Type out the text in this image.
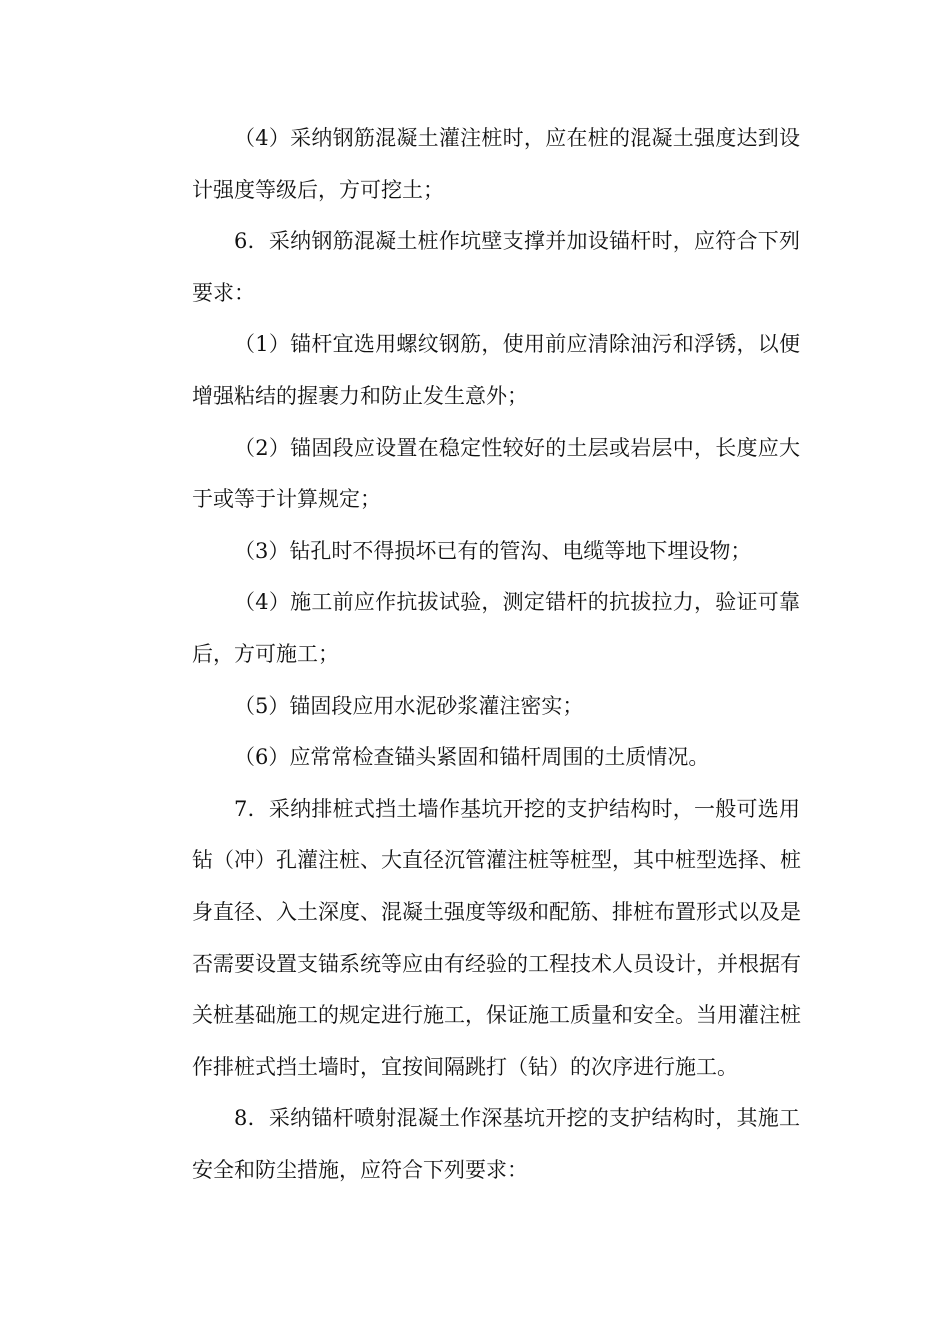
（4）采纳钢筋混凝土灌注桩时，应在桩的混凝土强度达到设
计强度等级后，方可挖土；
6．采纳钢筋混凝土桩作坑壁支撑并加设锚杆时，应符合下列
要求：
（1）锚杆宜选用螺纹钢筋，使用前应清除油污和浮锈，以便
增强粘结的握裹力和防止发生意外；
（2）锚固段应设置在稳定性较好的土层或岩层中，长度应大
于或等于计算规定；
（3）钻孔时不得损坏已有的管沟、电缆等地下埋设物；
（4）施工前应作抗拔试验，测定错杆的抗拔拉力，验证可靠
后，方可施工；
（5）锚固段应用水泥砂浆灌注密实；
（6）应常常检查锚头紧固和锚杆周围的土质情况。
7．采纳排桩式挡土墙作基坑开挖的支护结构时，一般可选用
钻（冲）孔灌注桩、大直径沉管灌注桩等桩型，其中桩型选择、桩
身直径、入土深度、混凝土强度等级和配筋、排桩布置形式以及是
否需要设置支锚系统等应由有经验的工程技术人员设计，并根据有
关桩基础施工的规定进行施工，保证施工质量和安全。当用灌注桩
作排桩式挡土墙时，宜按间隔跳打（钻）的次序进行施工。
8．采纳锚杆喷射混凝土作深基坑开挖的支护结构时，其施工
安全和防尘措施，应符合下列要求：
